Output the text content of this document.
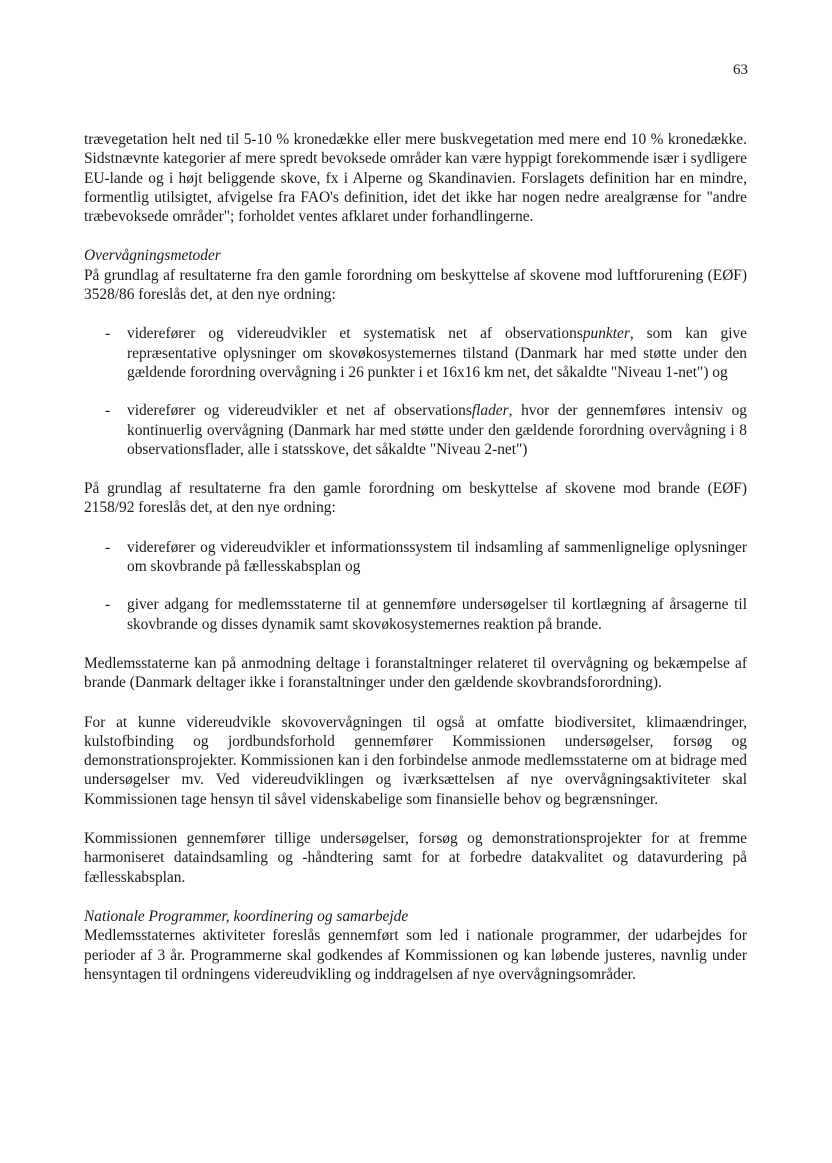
63

trævegetation helt ned til 5-10 % kronedække eller mere buskvegetation med mere end 10 % kronedække. Sidstnævnte kategorier af mere spredt bevoksede områder kan være hyppigt forekommende især i sydligere EU-lande og i højt beliggende skove, fx i Alperne og Skandinavien. Forslagets definition har en mindre, formentlig utilsigtet, afvigelse fra FAO's definition, idet det ikke har nogen nedre arealgrænse for "andre træbevoksede områder"; forholdet ventes afklaret under forhandlingerne.

Overvågningsmetoder

På grundlag af resultaterne fra den gamle forordning om beskyttelse af skovene mod luftforurening (EØF) 3528/86 foreslås det, at den nye ordning:

- viderefører og videreudvikler et systematisk net af observationspunkter, som kan give repræsentative oplysninger om skovøkosystemernes tilstand (Danmark har med støtte under den gældende forordning overvågning i 26 punkter i et 16x16 km net, det såkaldte "Niveau 1-net") og
- viderefører og videreudvikler et net af observationsflader, hvor der gennemføres intensiv og kontinuerlig overvågning (Danmark har med støtte under den gældende forordning overvågning i 8 observationsflader, alle i statsskove, det såkaldte "Niveau 2-net")

På grundlag af resultaterne fra den gamle forordning om beskyttelse af skovene mod brande (EØF) 2158/92 foreslås det, at den nye ordning:

- viderefører og videreudvikler et informationssystem til indsamling af sammenlignelige oplysninger om skovbrande på fællesskabsplan og
- giver adgang for medlemsstaterne til at gennemføre undersøgelser til kortlægning af årsagerne til skovbrande og disses dynamik samt skovøkosystemernes reaktion på brande.

Medlemsstaterne kan på anmodning deltage i foranstaltninger relateret til overvågning og bekæmpelse af brande (Danmark deltager ikke i foranstaltninger under den gældende skovbrandsforordning).

For at kunne videreudvikle skovovervågningen til også at omfatte biodiversitet, klimaændringer, kulstofbinding og jordbundsforhold gennemfører Kommissionen undersøgelser, forsøg og demonstrationsprojekter. Kommissionen kan i den forbindelse anmode medlemsstaterne om at bidrage med undersøgelser mv. Ved videreudviklingen og iværksættelsen af nye overvågningsaktiviteter skal Kommissionen tage hensyn til såvel videnskabelige som finansielle behov og begrænsninger.

Kommissionen gennemfører tillige undersøgelser, forsøg og demonstrationsprojekter for at fremme harmoniseret dataindsamling og -håndtering samt for at forbedre datakvalitet og datavurdering på fællesskabsplan.

Nationale Programmer, koordinering og samarbejde

Medlemsstaternes aktiviteter foreslås gennemført som led i nationale programmer, der udarbejdes for perioder af 3 år. Programmerne skal godkendes af Kommissionen og kan løbende justeres, navnlig under hensyntagen til ordningens videreudvikling og inddragelsen af nye overvågningsområder.
